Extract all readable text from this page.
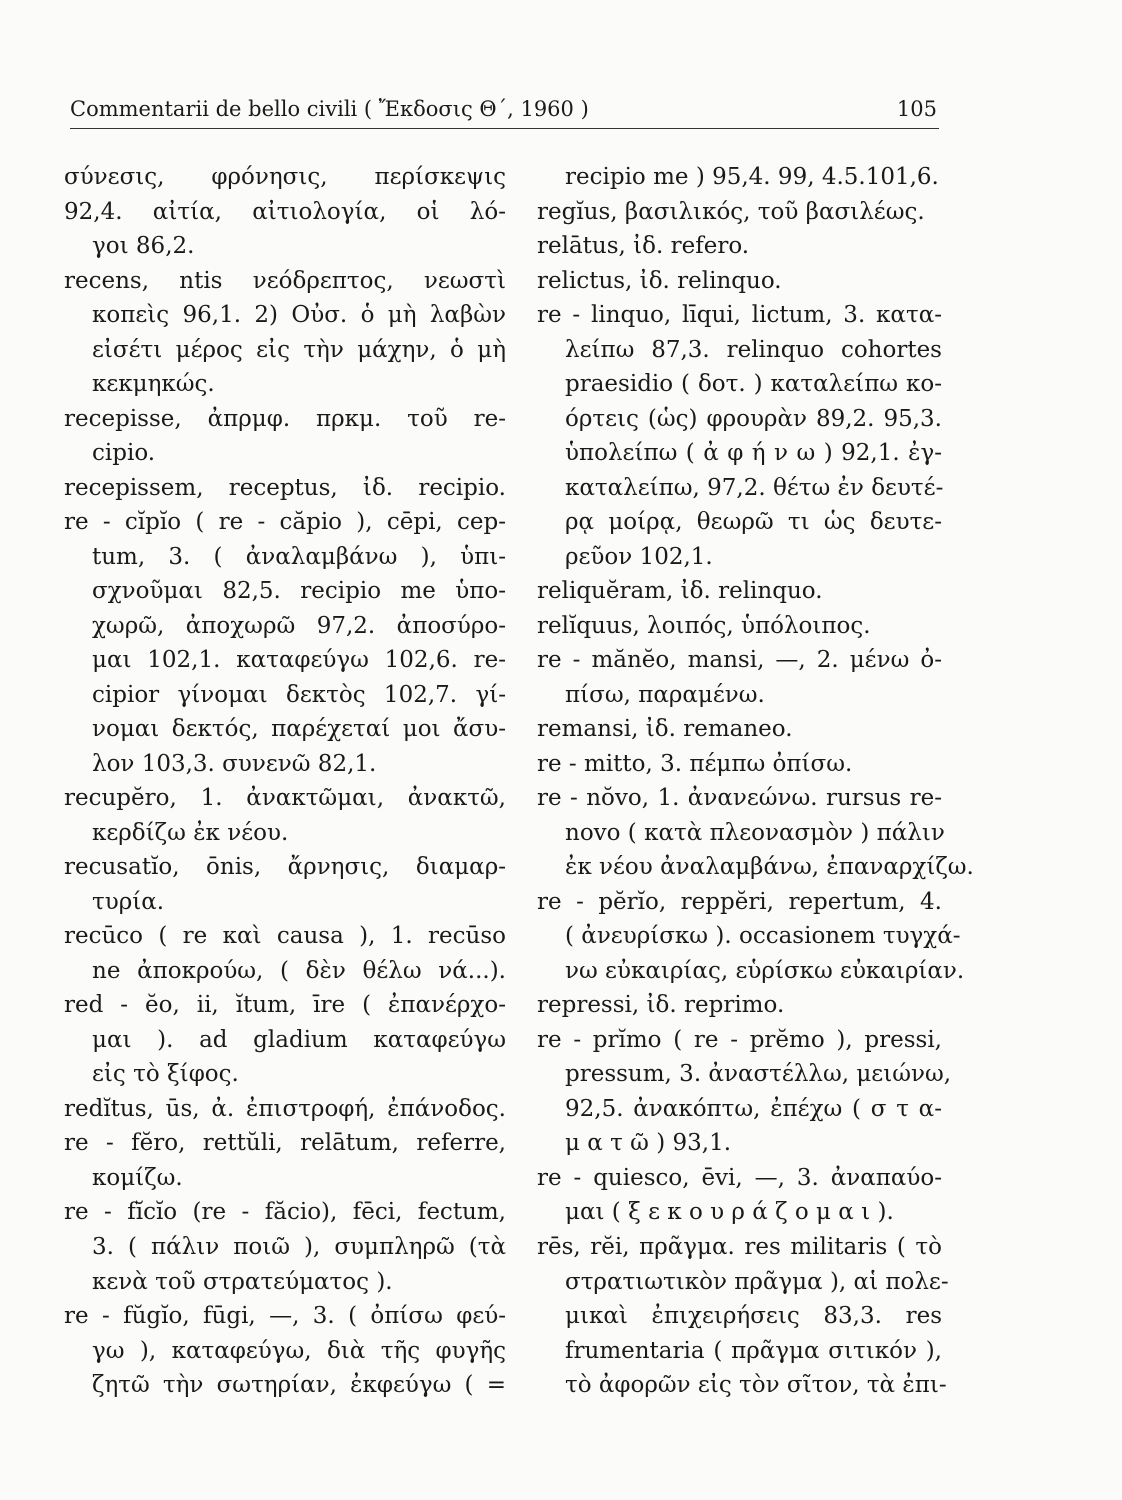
Commentarii de bello civili ( Ἔκδοσις Θ΄, 1960 )	105
σύνεσις, φρόνησις, περίσκεψις
92,4. αἰτία, αἰτιολογία, οἱ λό-
γοι 86,2.
recens, ntis νεόδρεπτος, νεωστὶ
κοπεὶς 96,1. 2) Οὐσ. ὁ μὴ λαβὼν
εἰσέτι μέρος εἰς τὴν μάχην, ὁ μὴ
κεκμηκώς.
recepisse, ἀπρμφ. πρκμ. τοῦ re-
cipio.
recepissem, receptus, ἰδ. recipio.
re - cĭpĭo ( re - căpio ), cēpi, cep-
tum, 3. ( ἀναλαμβάνω ), ὑπι-
σχνοῦμαι 82,5. recipio me ὑπο-
χωρῶ, ἀποχωρῶ 97,2. ἀποσύρο-
μαι 102,1. καταφεύγω 102,6. re-
cipior γίνομαι δεκτὸς 102,7. γί-
νομαι δεκτός, παρέχεταί μοι ἄσυ-
λον 103,3. συνενῶ 82,1.
recupĕro, 1. ἀνακτῶμαι, ἀνακτῶ,
κερδίζω ἐκ νέου.
recusatĭo, ōnis, ἄρνησις, διαμαρ-
τυρία.
recūco ( re καὶ causa ), 1. recūso
ne ἀποκρούω, ( δὲν θέλω νά...).
red - ĕo, ii, ĭtum, īre ( ἐπανέρχο-
μαι ). ad gladium καταφεύγω
εἰς τὸ ξίφος.
redĭtus, ūs, ἀ. ἐπιστροφή, ἐπάνοδος.
re - fĕro, rettŭli, relātum, referre,
κομίζω.
re - fĭcĭo (re - făcio), fēci, fectum,
3. ( πάλιν ποιῶ ), συμπληρῶ (τὰ
κενὰ τοῦ στρατεύματος ).
re - fŭgĭo, fūgi, —, 3. ( ὀπίσω φεύ-
γω ), καταφεύγω, διὰ τῆς φυγῆς
ζητῶ τὴν σωτηρίαν, ἐκφεύγω ( =
recipio me ) 95,4. 99, 4.5.101,6.
regĭus, βασιλικός, τοῦ βασιλέως.
relātus, ἰδ. refero.
relictus, ἰδ. relinquo.
re - linquo, līqui, lictum, 3. κατα-
λείπω 87,3. relinquo cohortes
praesidio ( δοτ. ) καταλείπω κο-
όρτεις (ὡς) φρουρὰν 89,2. 95,3.
ὑπολείπω ( ἀ φ ή ν ω ) 92,1. ἐγ-
καταλείπω, 97,2. θέτω ἐν δευτέ-
ρᾳ μοίρᾳ, θεωρῶ τι ὡς δευτε-
ρεῦον 102,1.
reliquĕram, ἰδ. relinquo.
relĭquus, λοιπός, ὑπόλοιπος.
re - mănĕo, mansi, —, 2. μένω ὀ-
πίσω, παραμένω.
remansi, ἰδ. remaneo.
re - mitto, 3. πέμπω ὀπίσω.
re - nŏvo, 1. ἀνανεώνω. rursus re-
novo ( κατὰ πλεονασμὸν ) πάλιν
ἐκ νέου ἀναλαμβάνω, ἐπαναρχίζω.
re - pĕrĭo, reppĕri, repertum, 4.
( ἀνευρίσκω ). occasionem τυγχά-
νω εὐκαιρίας, εὑρίσκω εὐκαιρίαν.
repressi, ἰδ. reprimo.
re - prĭmo ( re - prĕmo ), pressi,
pressum, 3. ἀναστέλλω, μειώνω,
92,5. ἀνακόπτω, ἐπέχω ( σ τ α-
μ α τ ῶ ) 93,1.
re - quiesco, ēvi, —, 3. ἀναπαύο-
μαι ( ξ ε κ ο υ ρ ά ζ ο μ α ι ).
rēs, rĕi, πρᾶγμα. res militaris ( τὸ
στρατιωτικὸν πρᾶγμα ), αἱ πολε-
μικαὶ ἐπιχειρήσεις 83,3. res
frumentaria ( πρᾶγμα σιτικόν ),
τὸ ἀφορῶν εἰς τὸν σῖτον, τὰ ἐπι-
